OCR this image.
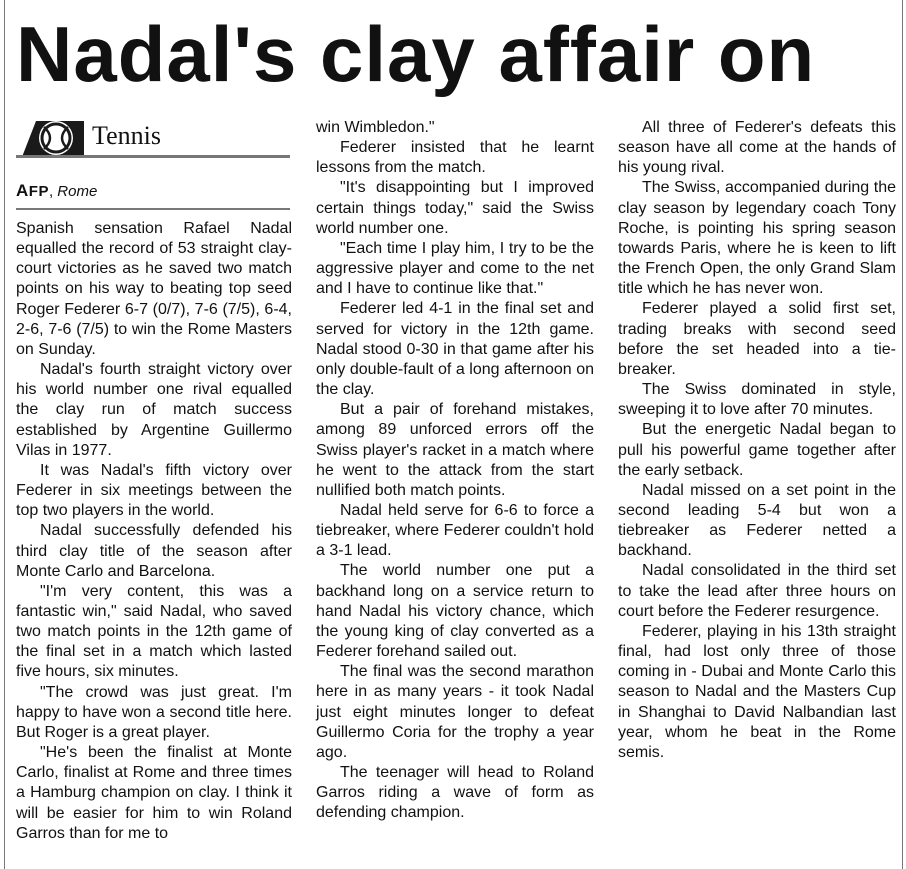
Nadal's clay affair on
Tennis
AFP, Rome

Spanish sensation Rafael Nadal equalled the record of 53 straight clay-court victories as he saved two match points on his way to beating top seed Roger Federer 6-7 (0/7), 7-6 (7/5), 6-4, 2-6, 7-6 (7/5) to win the Rome Masters on Sunday.

Nadal's fourth straight victory over his world number one rival equalled the clay run of match success established by Argentine Guillermo Vilas in 1977.

It was Nadal's fifth victory over Federer in six meetings between the top two players in the world.

Nadal successfully defended his third clay title of the season after Monte Carlo and Barcelona.

"I'm very content, this was a fantastic win," said Nadal, who saved two match points in the 12th game of the final set in a match which lasted five hours, six minutes.

"The crowd was just great. I'm happy to have won a second title here. But Roger is a great player.

"He's been the finalist at Monte Carlo, finalist at Rome and three times a Hamburg champion on clay. I think it will be easier for him to win Roland Garros than for me to

win Wimbledon."

Federer insisted that he learnt lessons from the match.

"It's disappointing but I improved certain things today," said the Swiss world number one.

"Each time I play him, I try to be the aggressive player and come to the net and I have to continue like that."

Federer led 4-1 in the final set and served for victory in the 12th game. Nadal stood 0-30 in that game after his only double-fault of a long afternoon on the clay.

But a pair of forehand mistakes, among 89 unforced errors off the Swiss player's racket in a match where he went to the attack from the start nullified both match points.

Nadal held serve for 6-6 to force a tiebreaker, where Federer couldn't hold a 3-1 lead.

The world number one put a backhand long on a service return to hand Nadal his victory chance, which the young king of clay converted as a Federer forehand sailed out.

The final was the second marathon here in as many years - it took Nadal just eight minutes longer to defeat Guillermo Coria for the trophy a year ago.

The teenager will head to Roland Garros riding a wave of form as defending champion.

All three of Federer's defeats this season have all come at the hands of his young rival.

The Swiss, accompanied during the clay season by legendary coach Tony Roche, is pointing his spring season towards Paris, where he is keen to lift the French Open, the only Grand Slam title which he has never won.

Federer played a solid first set, trading breaks with second seed before the set headed into a tie-breaker.

The Swiss dominated in style, sweeping it to love after 70 minutes.

But the energetic Nadal began to pull his powerful game together after the early setback.

Nadal missed on a set point in the second leading 5-4 but won a tiebreaker as Federer netted a backhand.

Nadal consolidated in the third set to take the lead after three hours on court before the Federer resurgence.

Federer, playing in his 13th straight final, had lost only three of those coming in - Dubai and Monte Carlo this season to Nadal and the Masters Cup in Shanghai to David Nalbandian last year, whom he beat in the Rome semis.
